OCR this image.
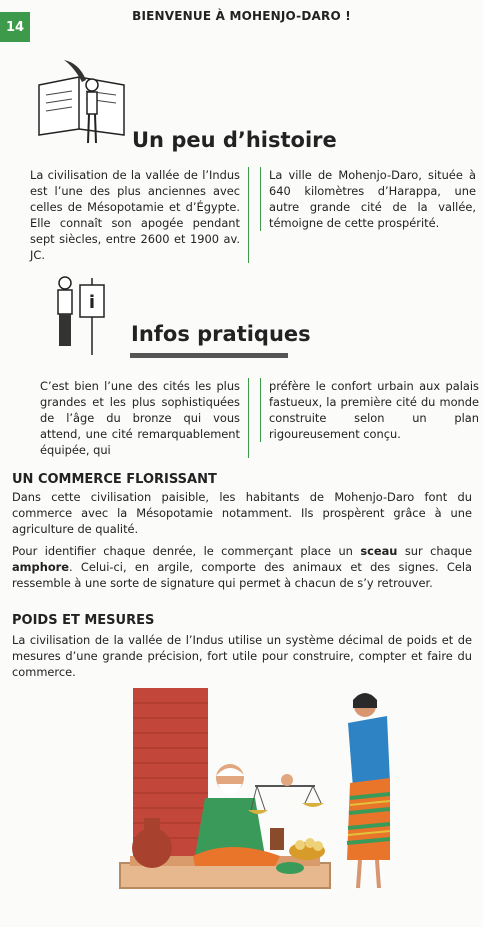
14
BIENVENUE À MOHENJO-DARO !
Un peu d’histoire
La civilisation de la vallée de l’Indus est l’une des plus anciennes avec celles de Mésopotamie et d’Égypte. Elle connaît son apogée pendant sept siècles, entre 2600 et 1900 av. JC.
La ville de Mohenjo-Daro, située à 640 kilomètres d’Harappa, une autre grande cité de la vallée, témoigne de cette prospérité.
i
Infos pratiques
C’est bien l’une des cités les plus grandes et les plus sophistiquées de l’âge du bronze qui vous attend, une cité remarquablement équipée, qui
préfère le confort urbain aux palais fastueux, la première cité du monde construite selon un plan rigoureusement conçu.
UN COMMERCE FLORISSANT
Dans cette civilisation paisible, les habitants de Mohenjo-Daro font du commerce avec la Mésopotamie notamment. Ils prospèrent grâce à une agriculture de qualité.
Pour identifier chaque denrée, le commerçant place un sceau sur chaque amphore. Celui-ci, en argile, comporte des animaux et des signes. Cela ressemble à une sorte de signature qui permet à chacun de s’y retrouver.
POIDS ET MESURES
La civilisation de la vallée de l’Indus utilise un système décimal de poids et de mesures d’une grande précision, fort utile pour construire, compter et faire du commerce.
